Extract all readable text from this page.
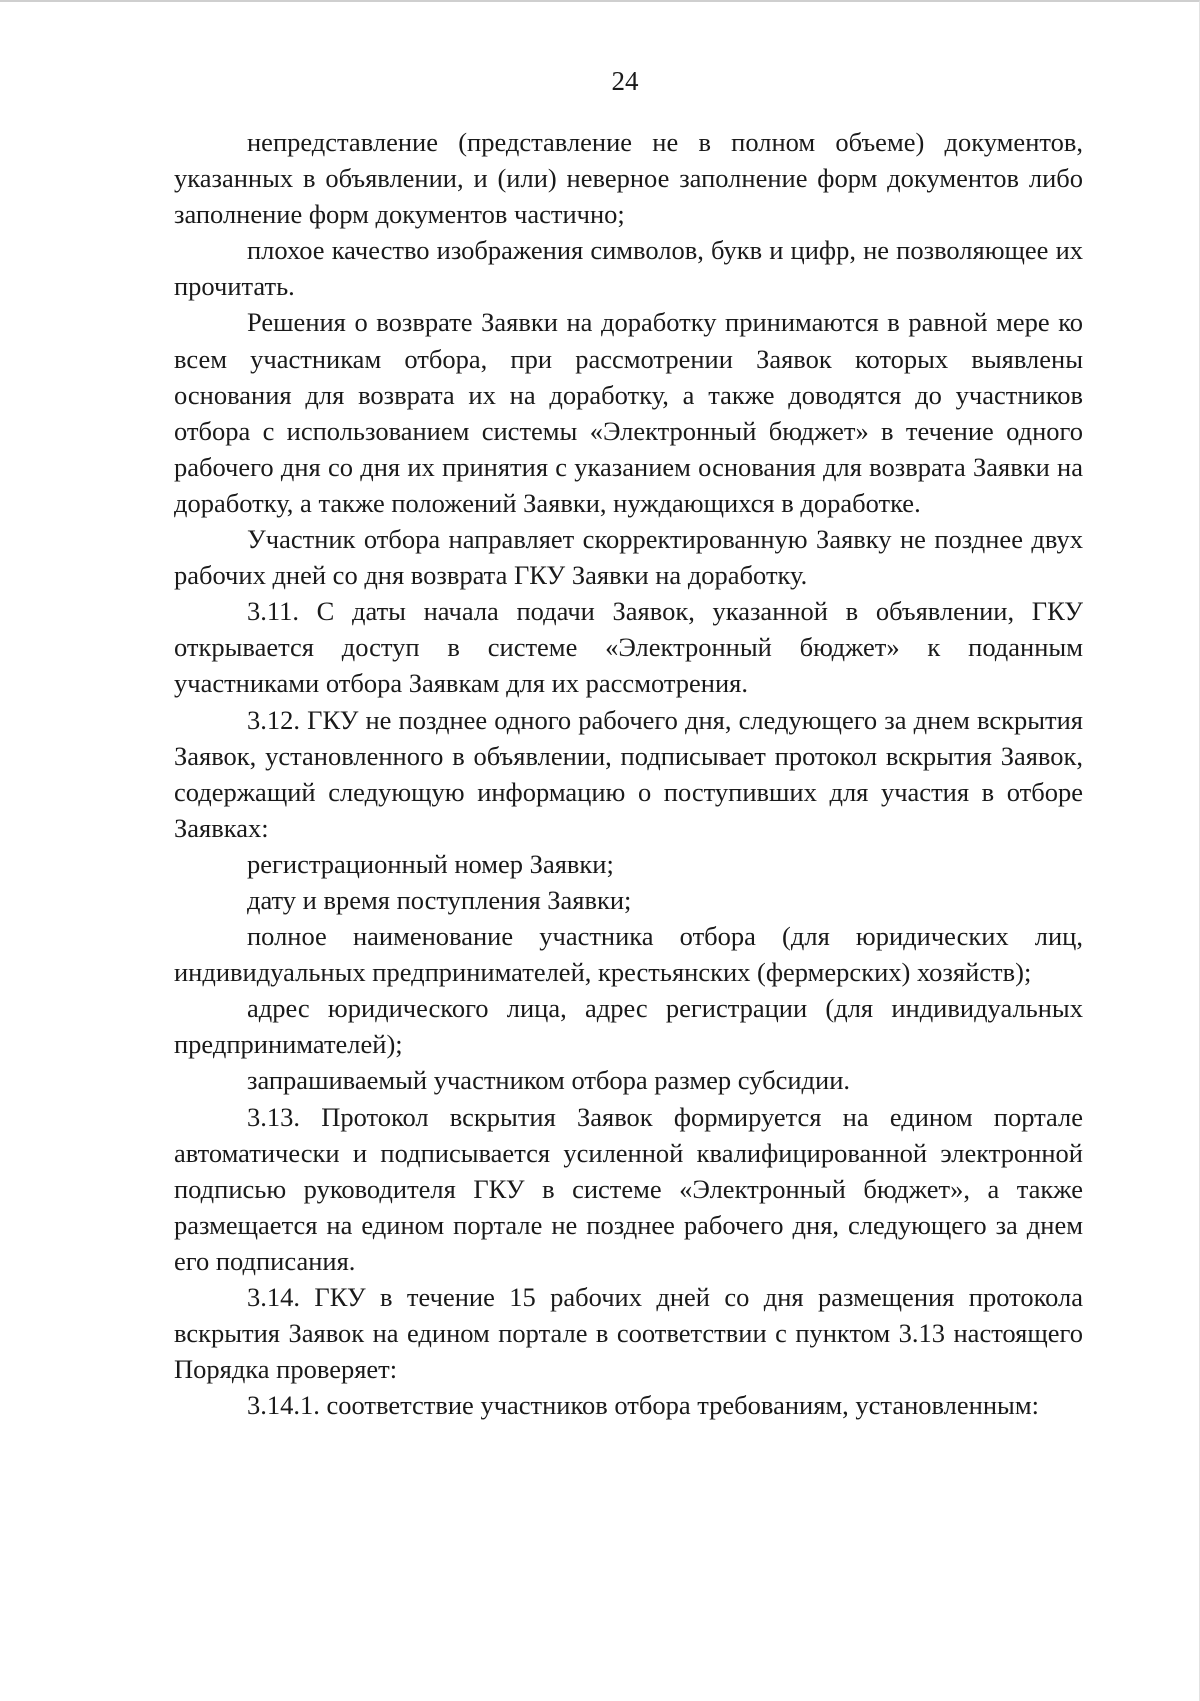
24

непредставление (представление не в полном объеме) документов, указанных в объявлении, и (или) неверное заполнение форм документов либо заполнение форм документов частично;

плохое качество изображения символов, букв и цифр, не позволяющее их прочитать.

Решения о возврате Заявки на доработку принимаются в равной мере ко всем участникам отбора, при рассмотрении Заявок которых выявлены основания для возврата их на доработку, а также доводятся до участников отбора с использованием системы «Электронный бюджет» в течение одного рабочего дня со дня их принятия с указанием основания для возврата Заявки на доработку, а также положений Заявки, нуждающихся в доработке.

Участник отбора направляет скорректированную Заявку не позднее двух рабочих дней со дня возврата ГКУ Заявки на доработку.

3.11. С даты начала подачи Заявок, указанной в объявлении, ГКУ открывается доступ в системе «Электронный бюджет» к поданным участниками отбора Заявкам для их рассмотрения.

3.12. ГКУ не позднее одного рабочего дня, следующего за днем вскрытия Заявок, установленного в объявлении, подписывает протокол вскрытия Заявок, содержащий следующую информацию о поступивших для участия в отборе Заявках:

регистрационный номер Заявки;

дату и время поступления Заявки;

полное наименование участника отбора (для юридических лиц, индивидуальных предпринимателей, крестьянских (фермерских) хозяйств);

адрес юридического лица, адрес регистрации (для индивидуальных предпринимателей);

запрашиваемый участником отбора размер субсидии.

3.13. Протокол вскрытия Заявок формируется на едином портале автоматически и подписывается усиленной квалифицированной электронной подписью руководителя ГКУ в системе «Электронный бюджет», а также размещается на едином портале не позднее рабочего дня, следующего за днем его подписания.

3.14. ГКУ в течение 15 рабочих дней со дня размещения протокола вскрытия Заявок на едином портале в соответствии с пунктом 3.13 настоящего Порядка проверяет:

3.14.1. соответствие участников отбора требованиям, установленным:
